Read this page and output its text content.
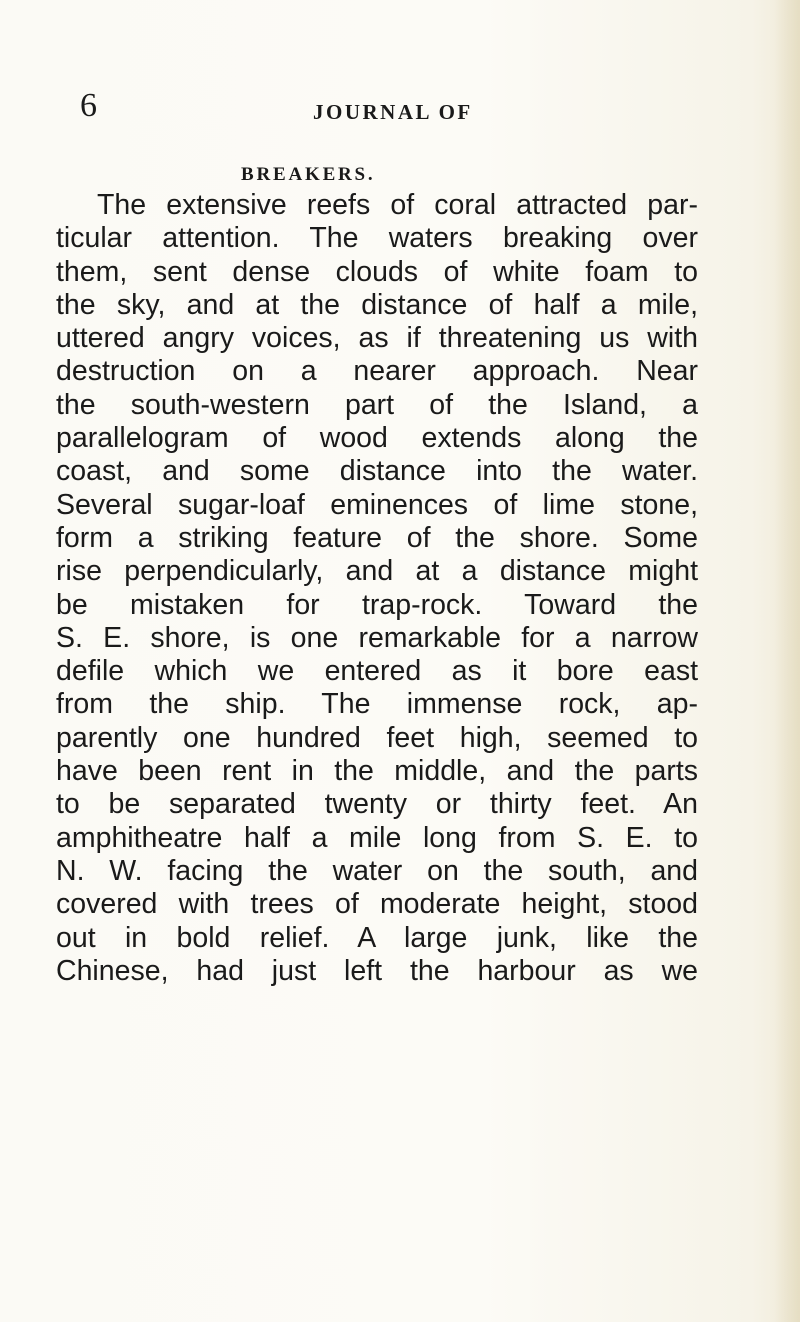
6	JOURNAL OF
BREAKERS.
The extensive reefs of coral attracted par-
ticular attention. The waters breaking over
them, sent dense clouds of white foam to
the sky, and at the distance of half a mile,
uttered angry voices, as if threatening us with
destruction on a nearer approach. Near
the south-western part of the Island, a
parallelogram of wood extends along the
coast, and some distance into the water.
Several sugar-loaf eminences of lime stone,
form a striking feature of the shore. Some
rise perpendicularly, and at a distance might
be mistaken for trap-rock. Toward the
S. E. shore, is one remarkable for a narrow
defile which we entered as it bore east
from the ship. The immense rock, ap-
parently one hundred feet high, seemed to
have been rent in the middle, and the parts
to be separated twenty or thirty feet. An
amphitheatre half a mile long from S. E. to
N. W. facing the water on the south, and
covered with trees of moderate height, stood
out in bold relief. A large junk, like the
Chinese, had just left the harbour as we
